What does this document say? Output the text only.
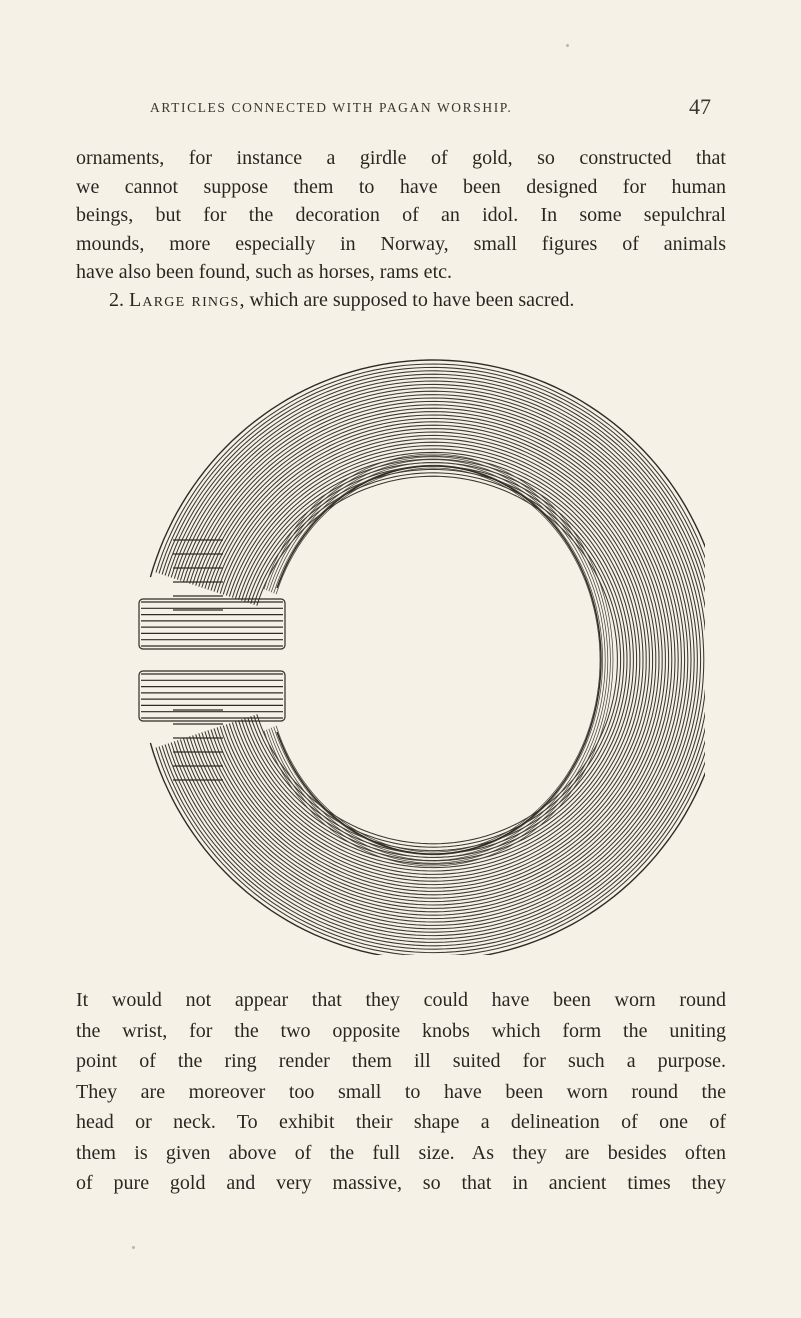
ARTICLES CONNECTED WITH PAGAN WORSHIP.	47
ornaments, for instance a girdle of gold, so constructed that
we cannot suppose them to have been designed for human
beings, but for the decoration of an idol. In some sepulchral
mounds, more especially in Norway, small figures of animals
have also been found, such as horses, rams etc.
2. Large rings, which are supposed to have been sacred.
It would not appear that they could have been worn round
the wrist, for the two opposite knobs which form the uniting
point of the ring render them ill suited for such a purpose.
They are moreover too small to have been worn round the
head or neck. To exhibit their shape a delineation of one of
them is given above of the full size. As they are besides often
of pure gold and very massive, so that in ancient times they
